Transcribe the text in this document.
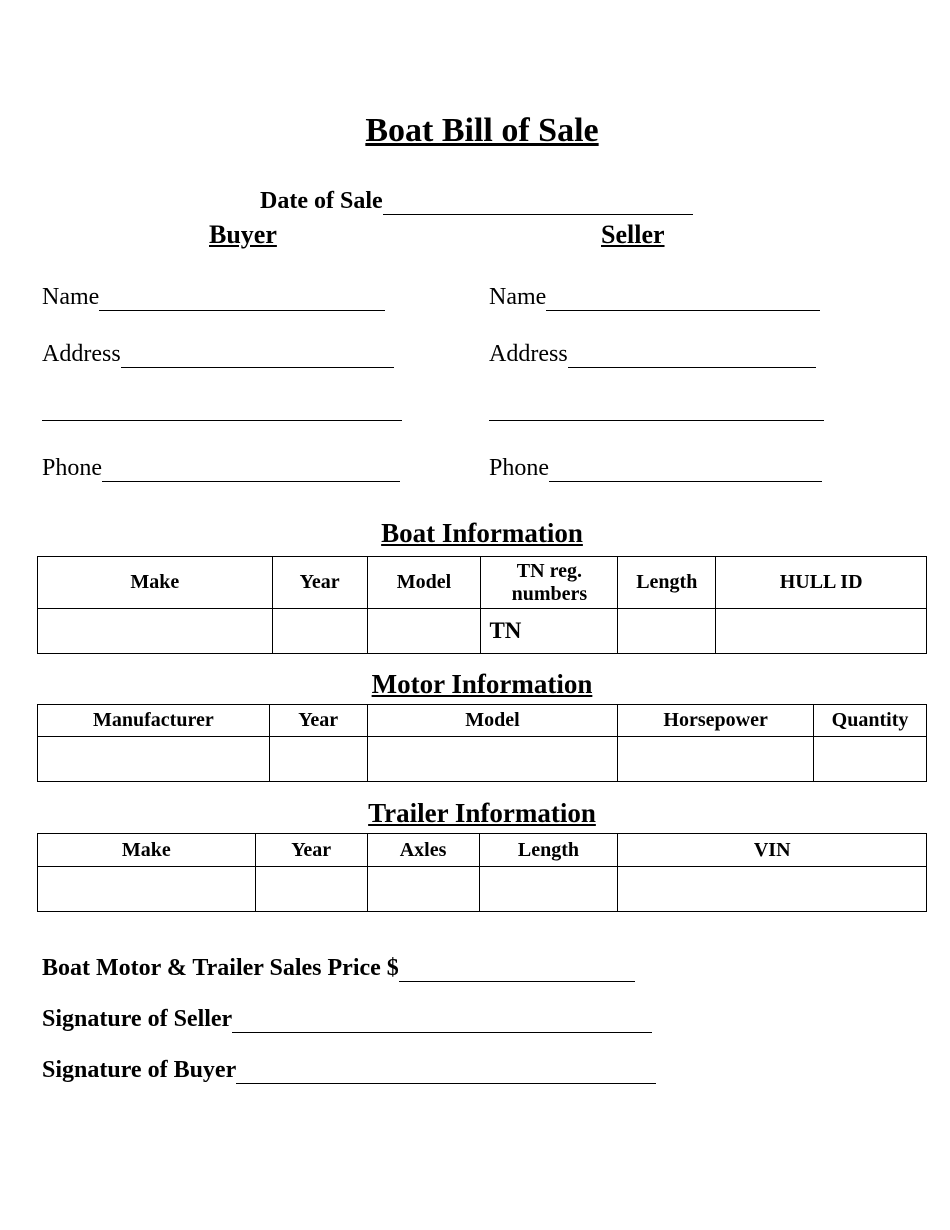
Boat Bill of Sale
Date of Sale
Buyer	Seller
Name
Address
Phone
Name
Address
Phone
Boat Information
Make	Year	Model	TN reg. numbers	Length	HULL ID
			TN		
Motor Information
Manufacturer	Year	Model	Horsepower	Quantity

Trailer Information
Make	Year	Axles	Length	VIN

Boat Motor & Trailer Sales Price $
Signature of Seller
Signature of Buyer
